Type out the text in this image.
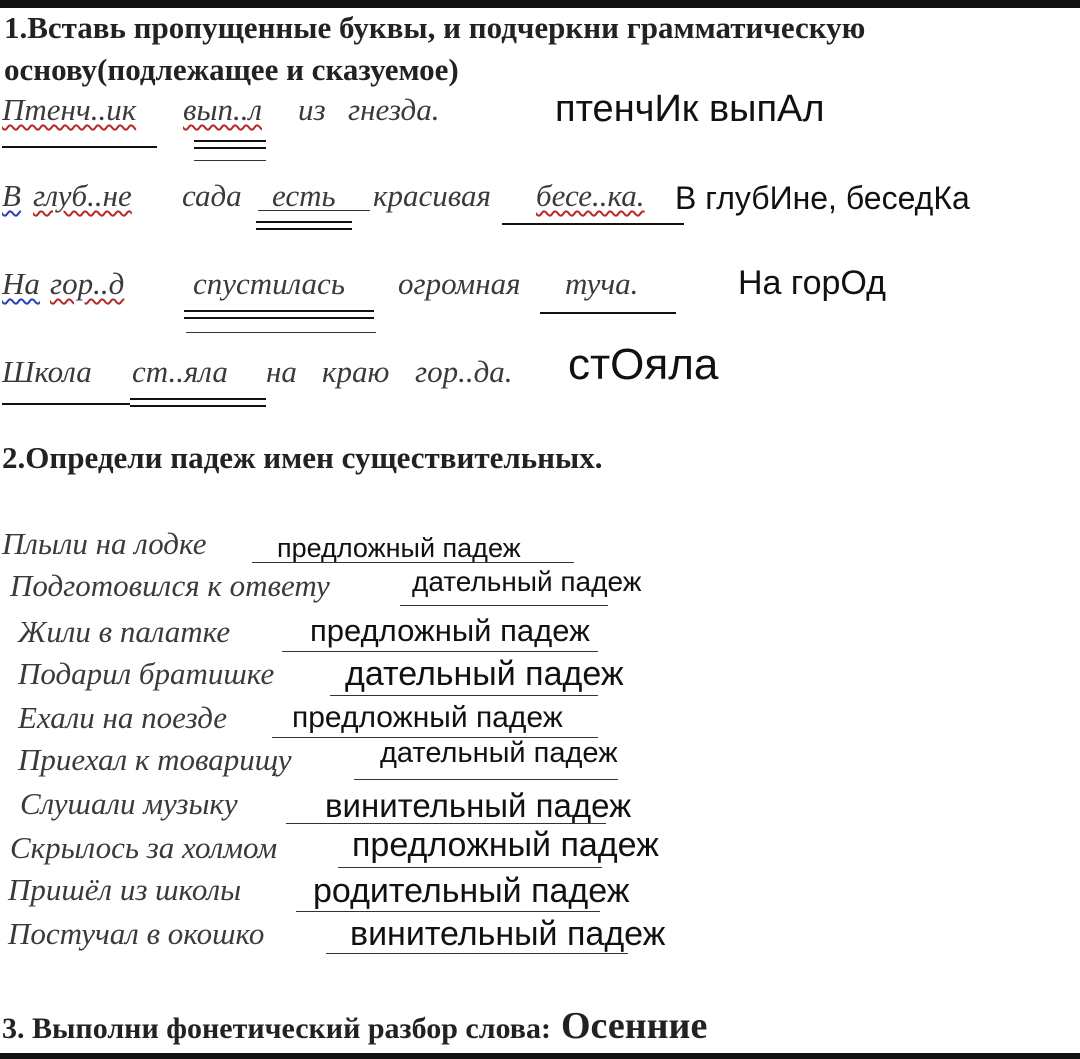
1.Вставь пропущенные буквы, и подчеркни грамматическую
основу(подлежащее и сказуемое)
Птенч..ик вып..л из гнезда.	птенчИк выпАл
В глуб..не сада есть красивая бесе..ка. В глубИне, беседКа
На гор..д спустилась огромная туча.	На горОд
Школа ст..яла на краю гор..да. стОяла
2.Определи падеж имен существительных.
Плыли на лодке	предложный падеж
Подготовился к ответу	дательный падеж
Жили в палатке	предложный падеж
Подарил братишке дательный падеж
Ехали на поезде предложный падеж
Приехал к товарищу	дательный падеж
Слушали музыку	винительный падеж
Скрылось за холмом предложный падеж
Пришёл из школы родительный падеж
Постучал в окошко	винительный падеж
3. Выполни фонетический разбор слова: Осенние
